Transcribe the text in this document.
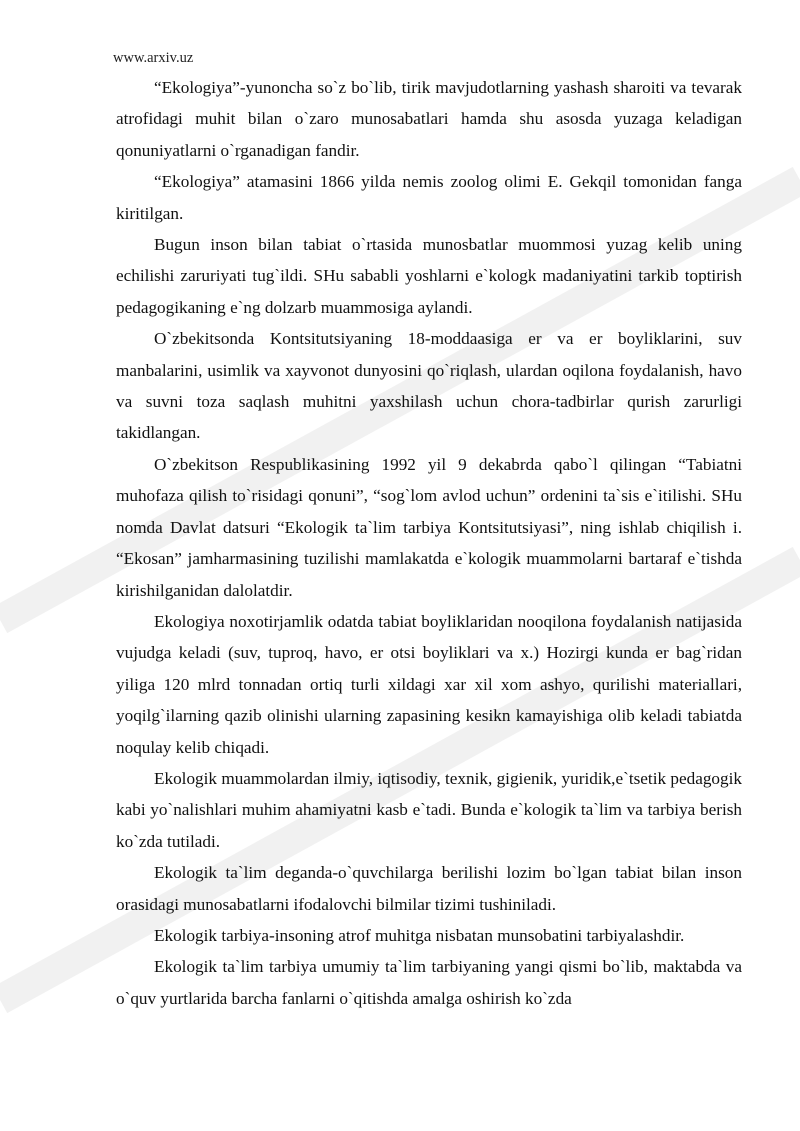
www.arxiv.uz

“Ekologiya”-yunoncha so`z bo`lib, tirik mavjudotlarning yashash sharoiti va tevarak atrofidagi muhit bilan o`zaro munosabatlari hamda shu asosda yuzaga keladigan qonuniyatlarni o`rganadigan fandir.

“Ekologiya” atamasini 1866 yilda nemis zoolog olimi E. Gekqil tomonidan fanga kiritilgan.

Bugun inson bilan tabiat o`rtasida munosbatlar muommosi yuzag kelib uning echilishi zaruriyati tug`ildi. SHu sababli yoshlarni e`kologk madaniyatini tarkib toptirish pedagogikaning e`ng dolzarb muammosiga aylandi.

O`zbekitsonda Kontsitutsiyaning 18-moddaasiga er va er boyliklarini, suv manbalarini, usimlik va xayvonot dunyosini qo`riqlash, ulardan oqilona foydalanish, havo va suvni toza saqlash muhitni yaxshilash uchun chora-tadbirlar qurish zarurligi takidlangan.

O`zbekitson Respublikasining 1992 yil 9 dekabrda qabo`l qilingan “Tabiatni muhofaza qilish to`risidagi qonuni”, “sog`lom avlod uchun” ordenini ta`sis e`itilishi. SHu nomda Davlat datsuri “Ekologik ta`lim tarbiya Kontsitutsiyasi”, ning ishlab chiqilish i. “Ekosan” jamharmasining tuzilishi mamlakatda e`kologik muammolarni bartaraf e`tishda kirishilganidan dalolatdir.

Ekologiya noxotirjamlik odatda tabiat boyliklaridan nooqilona foydalanish natijasida vujudga keladi (suv, tuproq, havo, er otsi boyliklari va x.) Hozirgi kunda er bag`ridan yiliga 120 mlrd tonnadan ortiq turli xildagi xar xil xom ashyo, qurilishi materiallari, yoqilg`ilarning qazib olinishi ularning zapasining kesikn kamayishiga olib keladi tabiatda noqulay kelib chiqadi.

Ekologik muammolardan ilmiy, iqtisodiy, texnik, gigienik, yuridik,e`tsetik pedagogik kabi yo`nalishlari muhim ahamiyatni kasb e`tadi. Bunda e`kologik ta`lim va tarbiya berish ko`zda tutiladi.

Ekologik ta`lim deganda-o`quvchilarga berilishi lozim bo`lgan tabiat bilan inson orasidagi munosabatlarni ifodalovchi bilmilar tizimi tushiniladi.

Ekologik tarbiya-insoning atrof muhitga nisbatan munsobatini tarbiyalashdir.

Ekologik ta`lim tarbiya umumiy ta`lim tarbiyaning yangi qismi bo`lib, maktabda va o`quv yurtlarida barcha fanlarni o`qitishda amalga oshirish ko`zda
